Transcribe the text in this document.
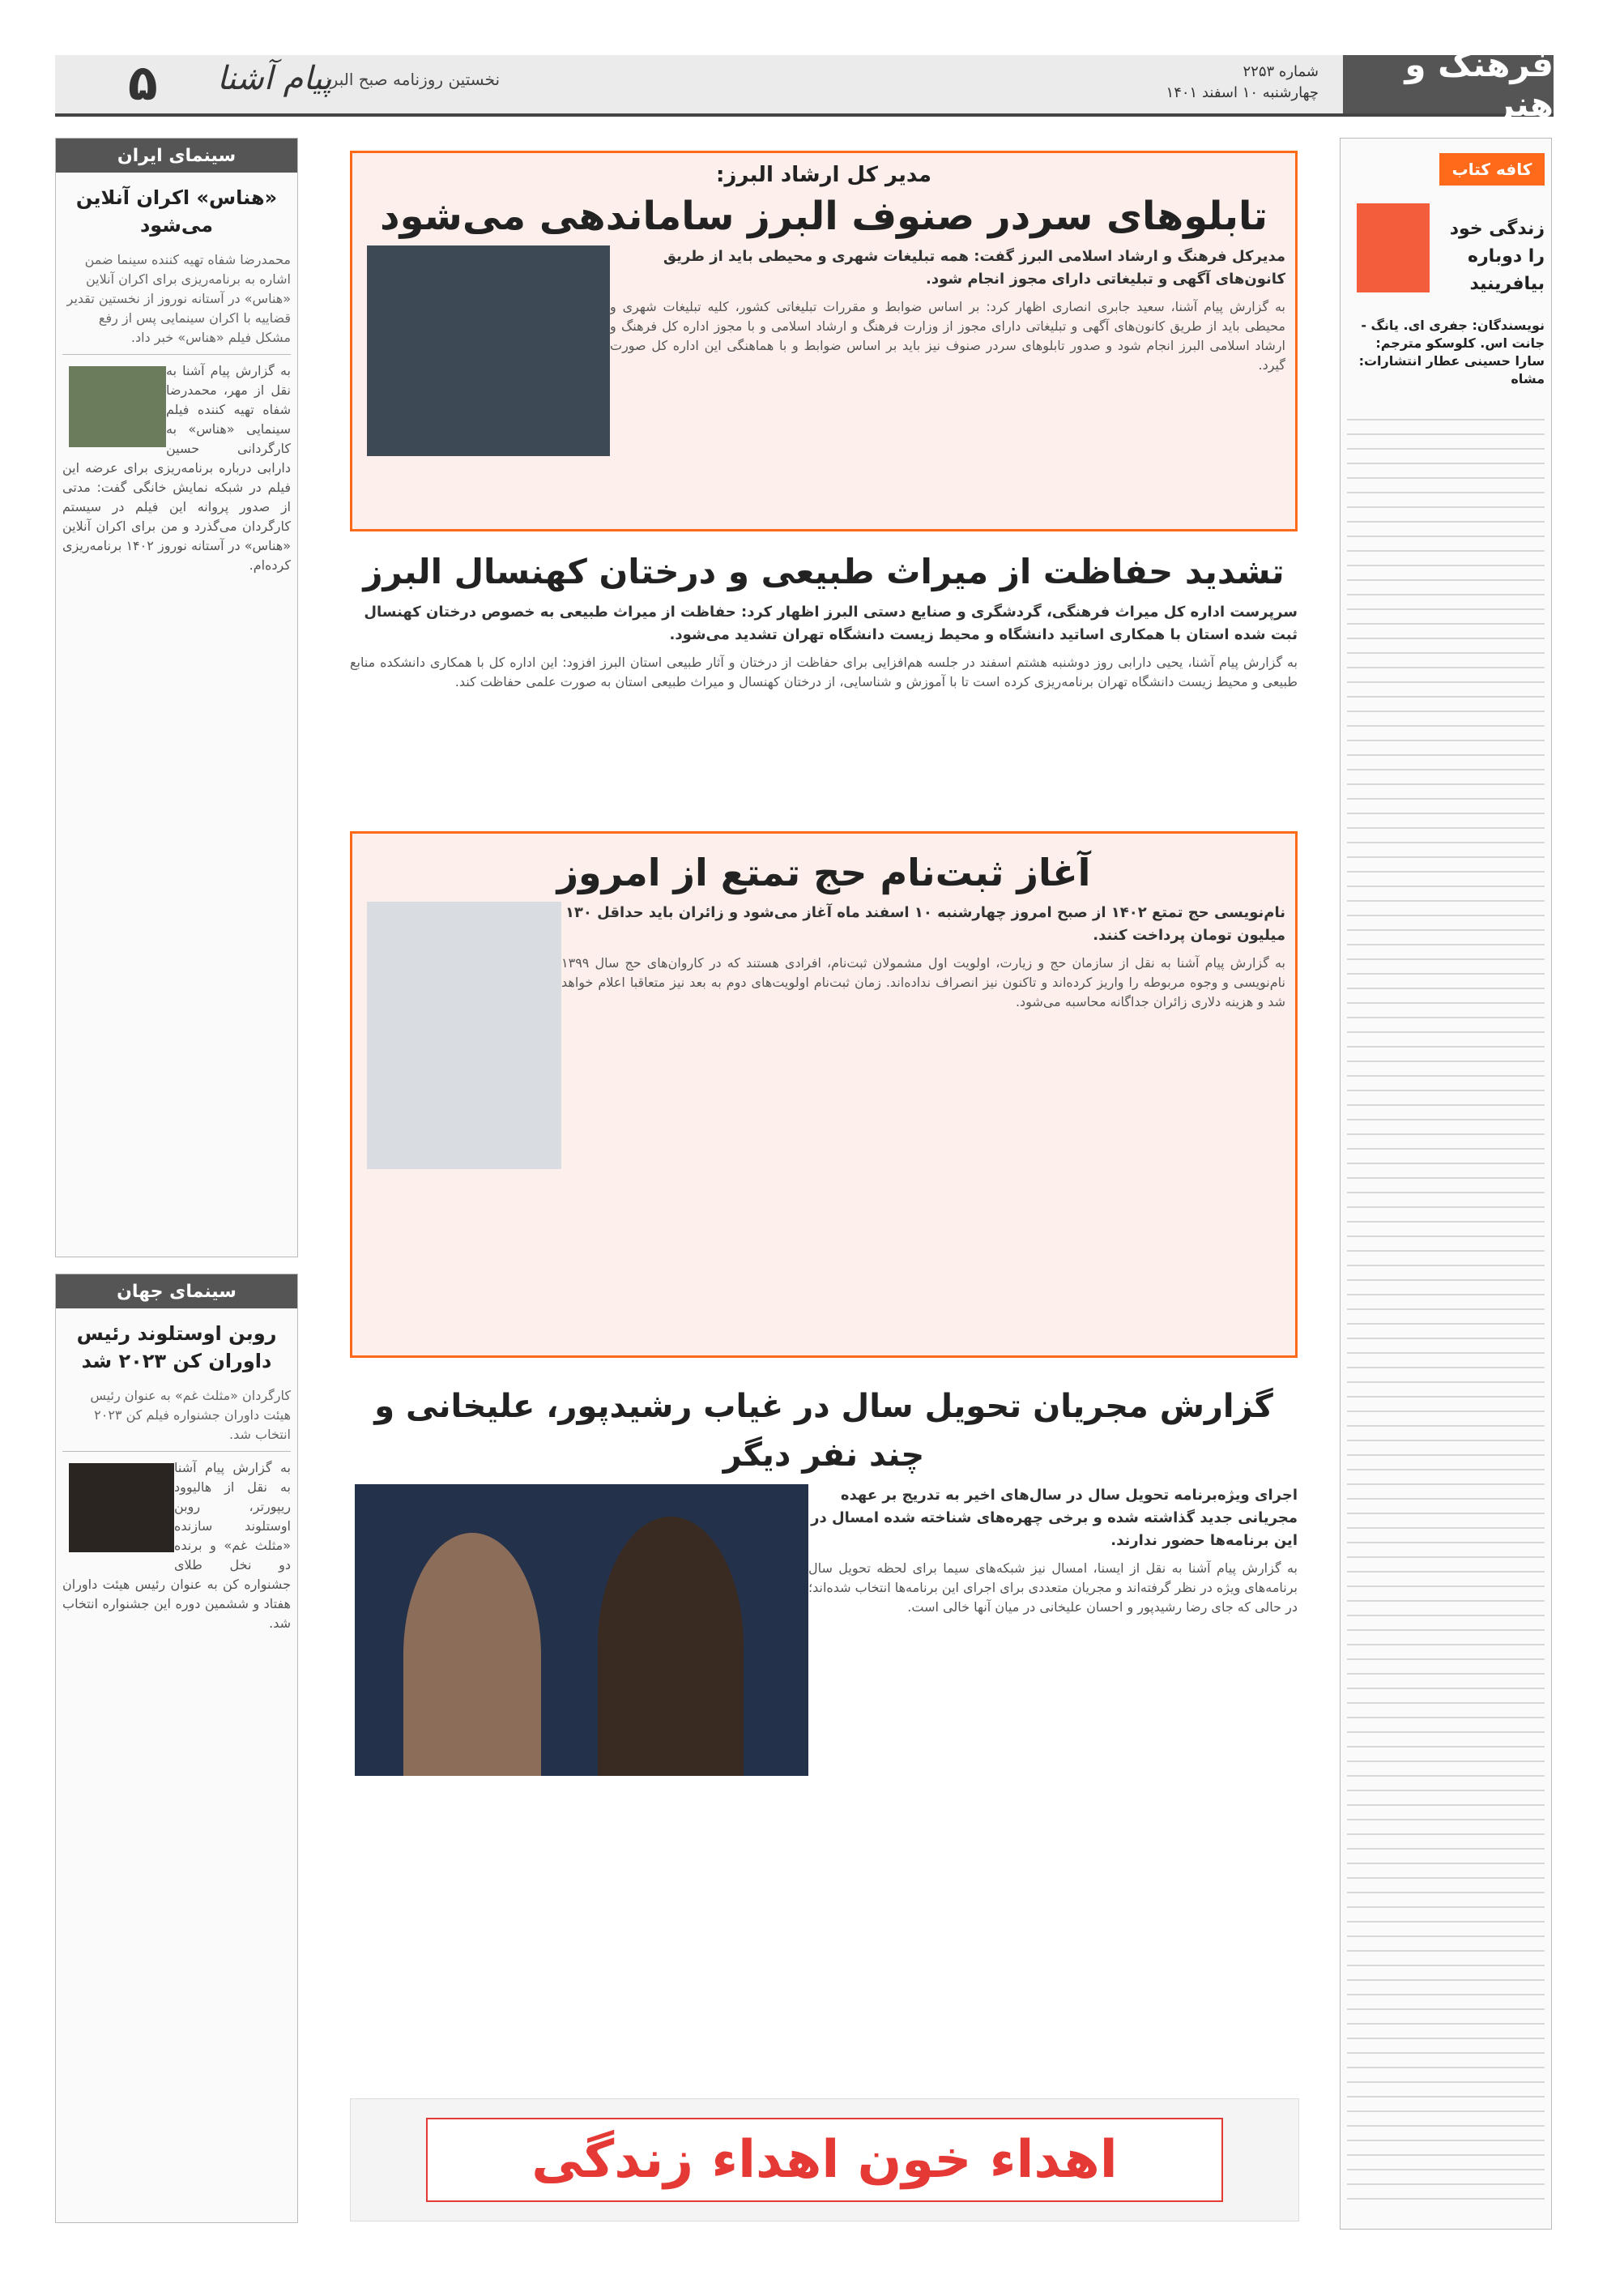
فرهنگ و هنر
شماره ۲۲۵۳
چهارشنبه ۱۰ اسفند ۱۴۰۱
نخستین روزنامه صبح البرز
پیام آشنا
۵
کافه کتاب
زندگی خود را دوباره بیافرینید
نویسندگان: جفری ای. یانگ - جانت اس. کلوسکو مترجم: سارا حسینی عطار انتشارات: مشاه
سینمای ایران
«هناس» اکران آنلاین می‌شود
محمدرضا شفاه تهیه کننده سینما ضمن اشاره به برنامه‌ریزی برای اکران آنلاین «هناس» در آستانه نوروز از نخستین تقدیر قضاییه با اکران سینمایی پس از رفع مشکل فیلم «هناس» خبر داد.
به گزارش پیام آشنا به نقل از مهر، محمدرضا شفاه تهیه کننده فیلم سینمایی «هناس» به کارگردانی حسین دارابی درباره برنامه‌ریزی برای عرضه این فیلم در شبکه نمایش خانگی گفت: مدتی از صدور پروانه این فیلم در سیستم کارگردان می‌گذرد و من برای اکران آنلاین «هناس» در آستانه نوروز ۱۴۰۲ برنامه‌ریزی کرده‌ام.
سینمای جهان
روبن اوستلوند رئیس داوران کن ۲۰۲۳ شد
کارگردان «مثلث غم» به عنوان رئیس هیئت داوران جشنواره فیلم کن ۲۰۲۳ انتخاب شد.
به گزارش پیام آشنا به نقل از هالیوود ریپورتر، روبن اوستلوند سازنده «مثلث غم» و برنده دو نخل طلای جشنواره کن به عنوان رئیس هیئت داوران هفتاد و ششمین دوره این جشنواره انتخاب شد.
مدیر کل ارشاد البرز:
تابلوهای سردر صنوف البرز ساماندهی می‌شود
مدیرکل فرهنگ و ارشاد اسلامی البرز گفت: همه تبلیغات شهری و محیطی باید از طریق کانون‌های آگهی و تبلیغاتی دارای مجوز انجام شود.
به گزارش پیام آشنا، سعید جابری انصاری اظهار کرد: بر اساس ضوابط و مقررات تبلیغاتی کشور، کلیه تبلیغات شهری و محیطی باید از طریق کانون‌های آگهی و تبلیغاتی دارای مجوز از وزارت فرهنگ و ارشاد اسلامی و با مجوز اداره کل فرهنگ و ارشاد اسلامی البرز انجام شود و صدور تابلوهای سردر صنوف نیز باید بر اساس ضوابط و با هماهنگی این اداره کل صورت گیرد.
تشدید حفاظت از میراث طبیعی و درختان کهنسال البرز
سرپرست اداره کل میراث فرهنگی، گردشگری و صنایع دستی البرز اظهار کرد: حفاظت از میراث طبیعی به خصوص درختان کهنسال ثبت شده استان با همکاری اساتید دانشگاه و محیط زیست دانشگاه تهران تشدید می‌شود.
به گزارش پیام آشنا، یحیی دارابی روز دوشنبه هشتم اسفند در جلسه هم‌افزایی برای حفاظت از درختان و آثار طبیعی استان البرز افزود: این اداره کل با همکاری دانشکده منابع طبیعی و محیط زیست دانشگاه تهران برنامه‌ریزی کرده است تا با آموزش و شناسایی، از درختان کهنسال و میراث طبیعی استان به صورت علمی حفاظت کند.
آغاز ثبت‌نام حج تمتع از امروز
نام‌نویسی حج تمتع ۱۴۰۲ از صبح امروز چهارشنبه ۱۰ اسفند ماه آغاز می‌شود و زائران باید حداقل ۱۳۰ میلیون تومان پرداخت کنند.
به گزارش پیام آشنا به نقل از سازمان حج و زیارت، اولویت اول مشمولان ثبت‌نام، افرادی هستند که در کاروان‌های حج سال ۱۳۹۹ نام‌نویسی و وجوه مربوطه را واریز کرده‌اند و تاکنون نیز انصراف نداده‌اند. زمان ثبت‌نام اولویت‌های دوم به بعد نیز متعاقبا اعلام خواهد شد و هزینه دلاری زائران جداگانه محاسبه می‌شود.
گزارش مجریان تحویل سال در غیاب رشیدپور، علیخانی و چند نفر دیگر
اجرای ویژه‌برنامه تحویل سال در سال‌های اخیر به تدریج بر عهده مجریانی جدید گذاشته شده و برخی چهره‌های شناخته شده امسال در این برنامه‌ها حضور ندارند.
به گزارش پیام آشنا به نقل از ایسنا، امسال نیز شبکه‌های سیما برای لحظه تحویل سال برنامه‌های ویژه در نظر گرفته‌اند و مجریان متعددی برای اجرای این برنامه‌ها انتخاب شده‌اند؛ در حالی که جای رضا رشیدپور و احسان علیخانی در میان آنها خالی است.
اهداء خون اهداء زندگی
